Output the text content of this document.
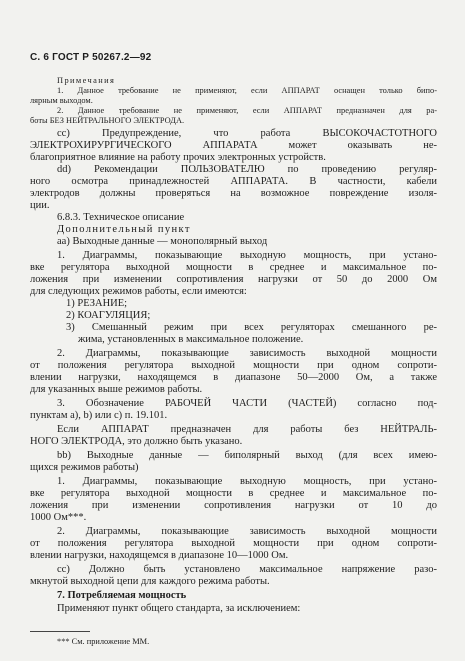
С. 6 ГОСТ Р 50267.2—92
Примечания
1. Данное требование не применяют, если АППАРАТ оснащен только бипо-
лярным выходом.
2. Данное требование не применяют, если АППАРАТ предназначен для ра-
боты БЕЗ НЕЙТРАЛЬНОГО ЭЛЕКТРОДА.
cc) Предупреждение, что работа ВЫСОКОЧАСТОТНОГО
ЭЛЕКТРОХИРУРГИЧЕСКОГО АППАРАТА может оказывать не-
благоприятное влияние на работу прочих электронных устройств.
dd) Рекомендации ПОЛЬЗОВАТЕЛЮ по проведению регуляр-
ного осмотра принадлежностей АППАРАТА. В частности, кабели
электродов должны проверяться на возможное повреждение изоля-
ции.
6.8.3. Техническое описание
Дополнительный пункт
aa) Выходные данные — монополярный выход
1. Диаграммы, показывающие выходную мощность, при устано-
вке регулятора выходной мощности в среднее и максимальное по-
ложения при изменении сопротивления нагрузки от 50 до 2000 Ом
для следующих режимов работы, если имеются:
1) РЕЗАНИЕ;
2) КОАГУЛЯЦИЯ;
3) Смешанный режим при всех регуляторах смешанного ре-
жима, установленных в максимальное положение.
2. Диаграммы, показывающие зависимость выходной мощности
от положения регулятора выходной мощности при одном сопроти-
влении нагрузки, находящемся в диапазоне 50—2000 Ом, а также
для указанных выше режимов работы.
3. Обозначение РАБОЧЕЙ ЧАСТИ (ЧАСТЕЙ) согласно под-
пунктам a), b) или c) п. 19.101.
Если АППАРАТ предназначен для работы без НЕЙТРАЛЬ-
НОГО ЭЛЕКТРОДА, это должно быть указано.
bb) Выходные данные — биполярный выход (для всех имею-
щихся режимов работы)
1. Диаграммы, показывающие выходную мощность, при устано-
вке регулятора выходной мощности в среднее и максимальное по-
ложения при изменении сопротивления нагрузки от 10 до
1000 Ом***.
2. Диаграммы, показывающие зависимость выходной мощности
от положения регулятора выходной мощности при одном сопроти-
влении нагрузки, находящемся в диапазоне 10—1000 Ом.
cc) Должно быть установлено максимальное напряжение разо-
мкнутой выходной цепи для каждого режима работы.
7. Потребляемая мощность
Применяют пункт общего стандарта, за исключением:
*** См. приложение ММ.
